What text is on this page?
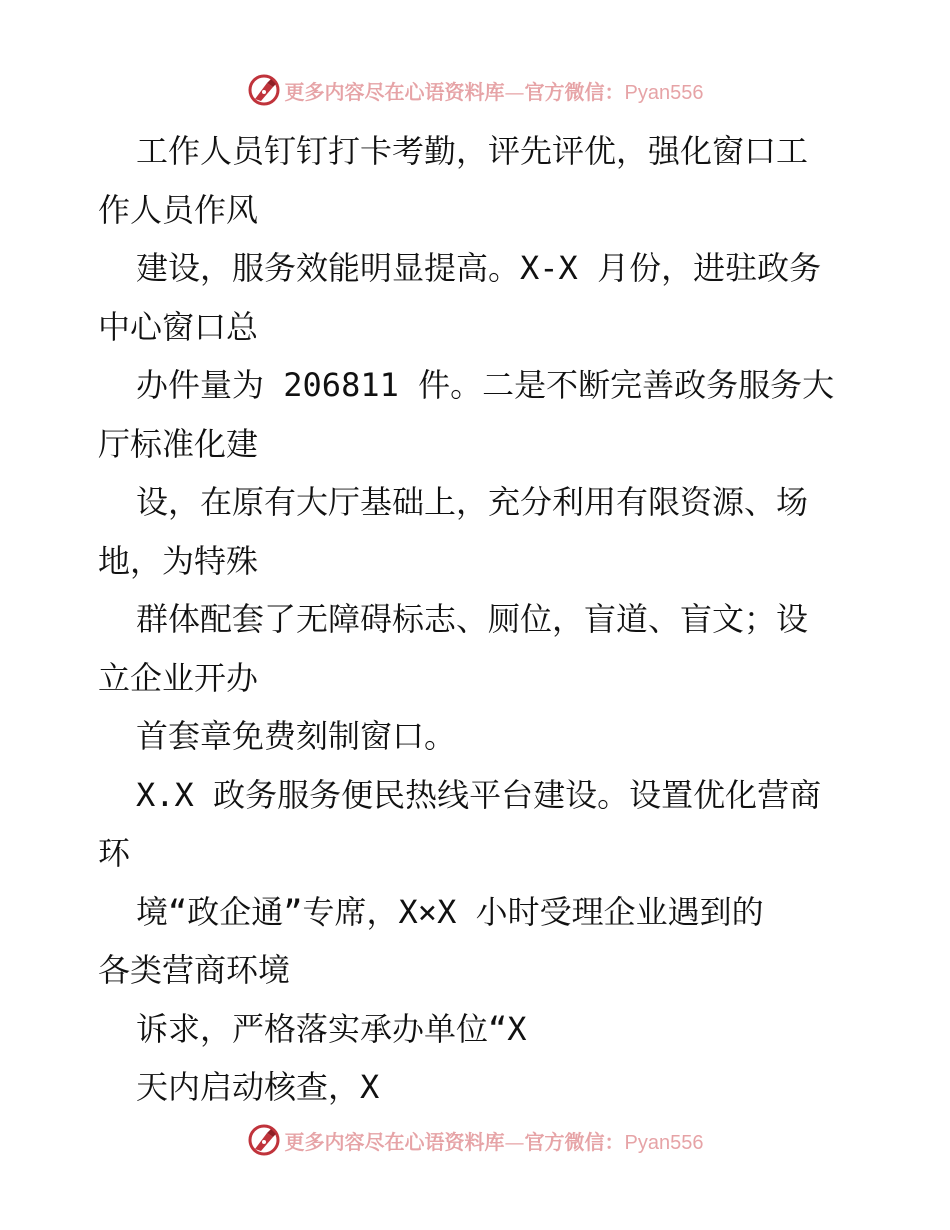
更多内容尽在心语资料库—官方微信：Pyan556

工作人员钉钉打卡考勤，评先评优，强化窗口工

作人员作风

建设，服务效能明显提高。X-X 月份，进驻政务

中心窗口总

办件量为 206811 件。二是不断完善政务服务大

厅标准化建

设，在原有大厅基础上，充分利用有限资源、场

地，为特殊

群体配套了无障碍标志、厕位，盲道、盲文；设

立企业开办

首套章免费刻制窗口。

X.X 政务服务便民热线平台建设。设置优化营商

环

境“政企通”专席，X×X 小时受理企业遇到的

各类营商环境

诉求，严格落实承办单位“X

天内启动核查，X

更多内容尽在心语资料库—官方微信：Pyan556
